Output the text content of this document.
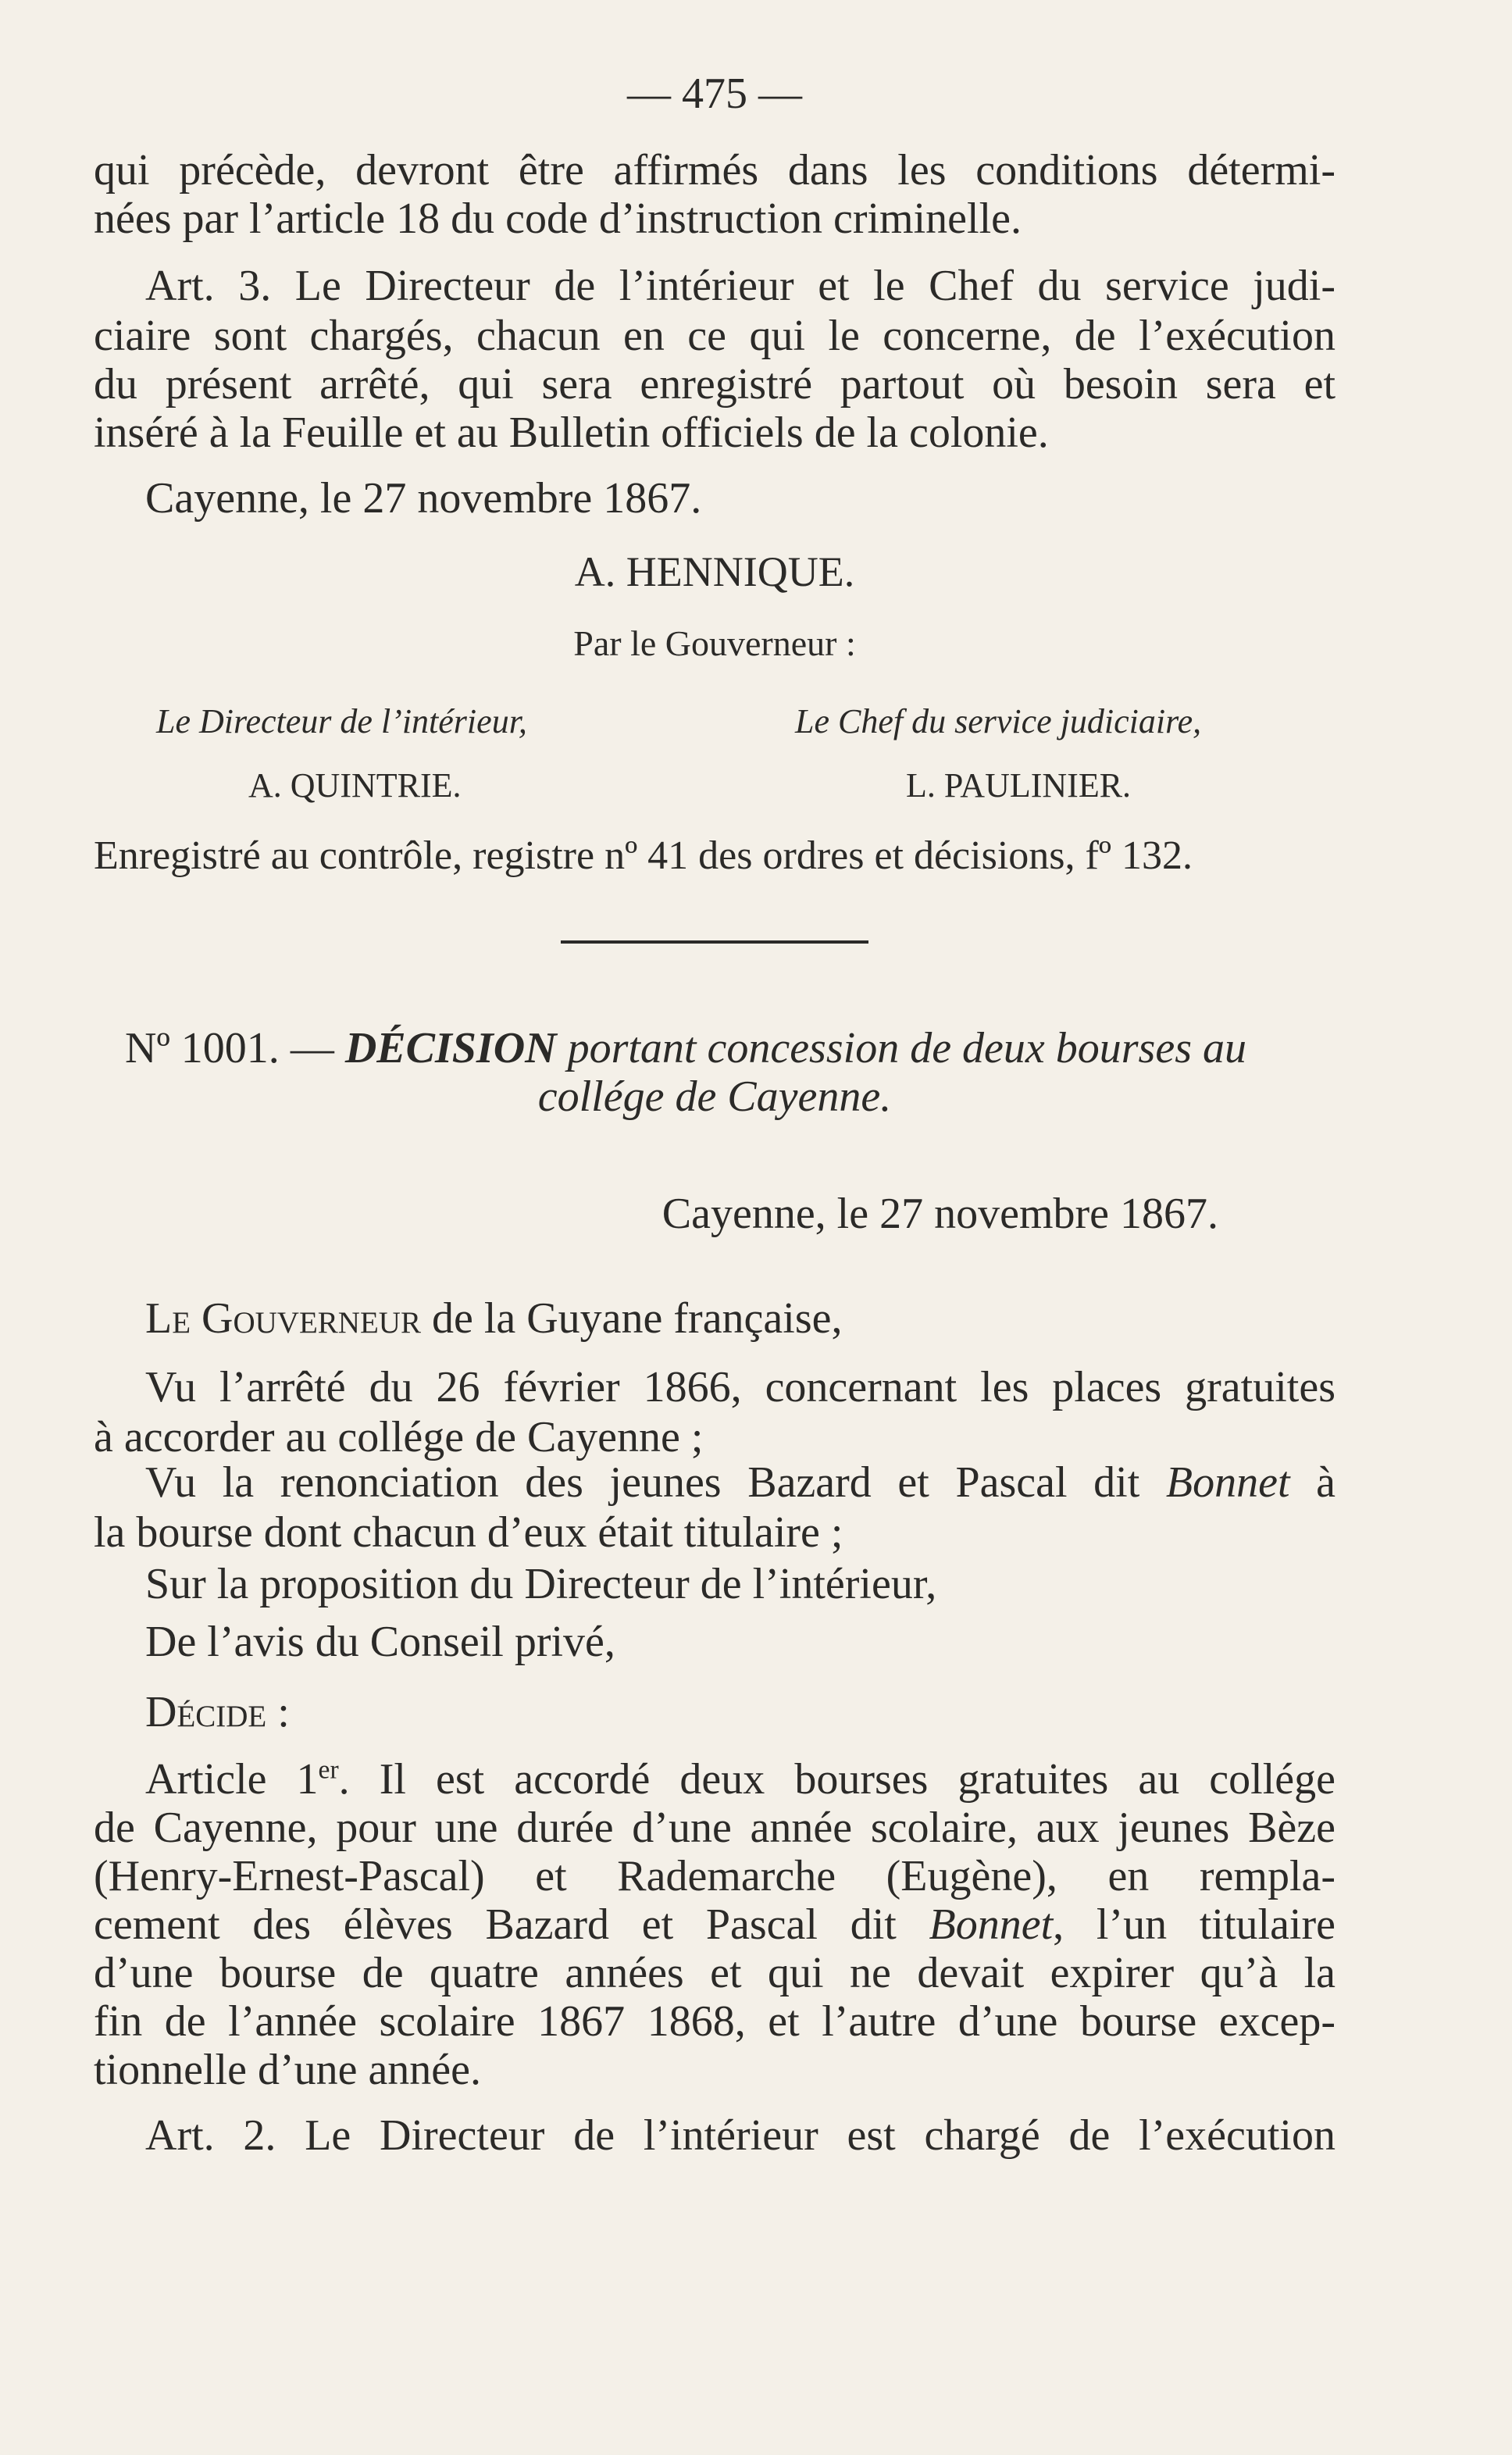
— 475 —
qui précède, devront être affirmés dans les conditions détermi-
nées par l’article 18 du code d’instruction criminelle.
Art. 3. Le Directeur de l’intérieur et le Chef du service judi-
ciaire sont chargés, chacun en ce qui le concerne, de l’exécution
du présent arrêté, qui sera enregistré partout où besoin sera et
inséré à la Feuille et au Bulletin officiels de la colonie.
Cayenne, le 27 novembre 1867.
A. HENNIQUE.
Par le Gouverneur :
Le Directeur de l’intérieur,	Le Chef du service judiciaire,
A. QUINTRIE.	L. PAULINIER.
Enregistré au contrôle, registre nº 41 des ordres et décisions, fº 132.
Nº 1001. — DÉCISION portant concession de deux bourses au
collége de Cayenne.
Cayenne, le 27 novembre 1867.
Le Gouverneur de la Guyane française,
Vu l’arrêté du 26 février 1866, concernant les places gratuites
à accorder au collége de Cayenne ;
Vu la renonciation des jeunes Bazard et Pascal dit Bonnet à
la bourse dont chacun d’eux était titulaire ;
Sur la proposition du Directeur de l’intérieur,
De l’avis du Conseil privé,
Décide :
Article 1er. Il est accordé deux bourses gratuites au collége
de Cayenne, pour une durée d’une année scolaire, aux jeunes Bèze
(Henry-Ernest-Pascal) et Rademarche (Eugène), en rempla-
cement des élèves Bazard et Pascal dit Bonnet, l’un titulaire
d’une bourse de quatre années et qui ne devait expirer qu’à la
fin de l’année scolaire 1867 1868, et l’autre d’une bourse excep-
tionnelle d’une année.
Art. 2. Le Directeur de l’intérieur est chargé de l’exécution
